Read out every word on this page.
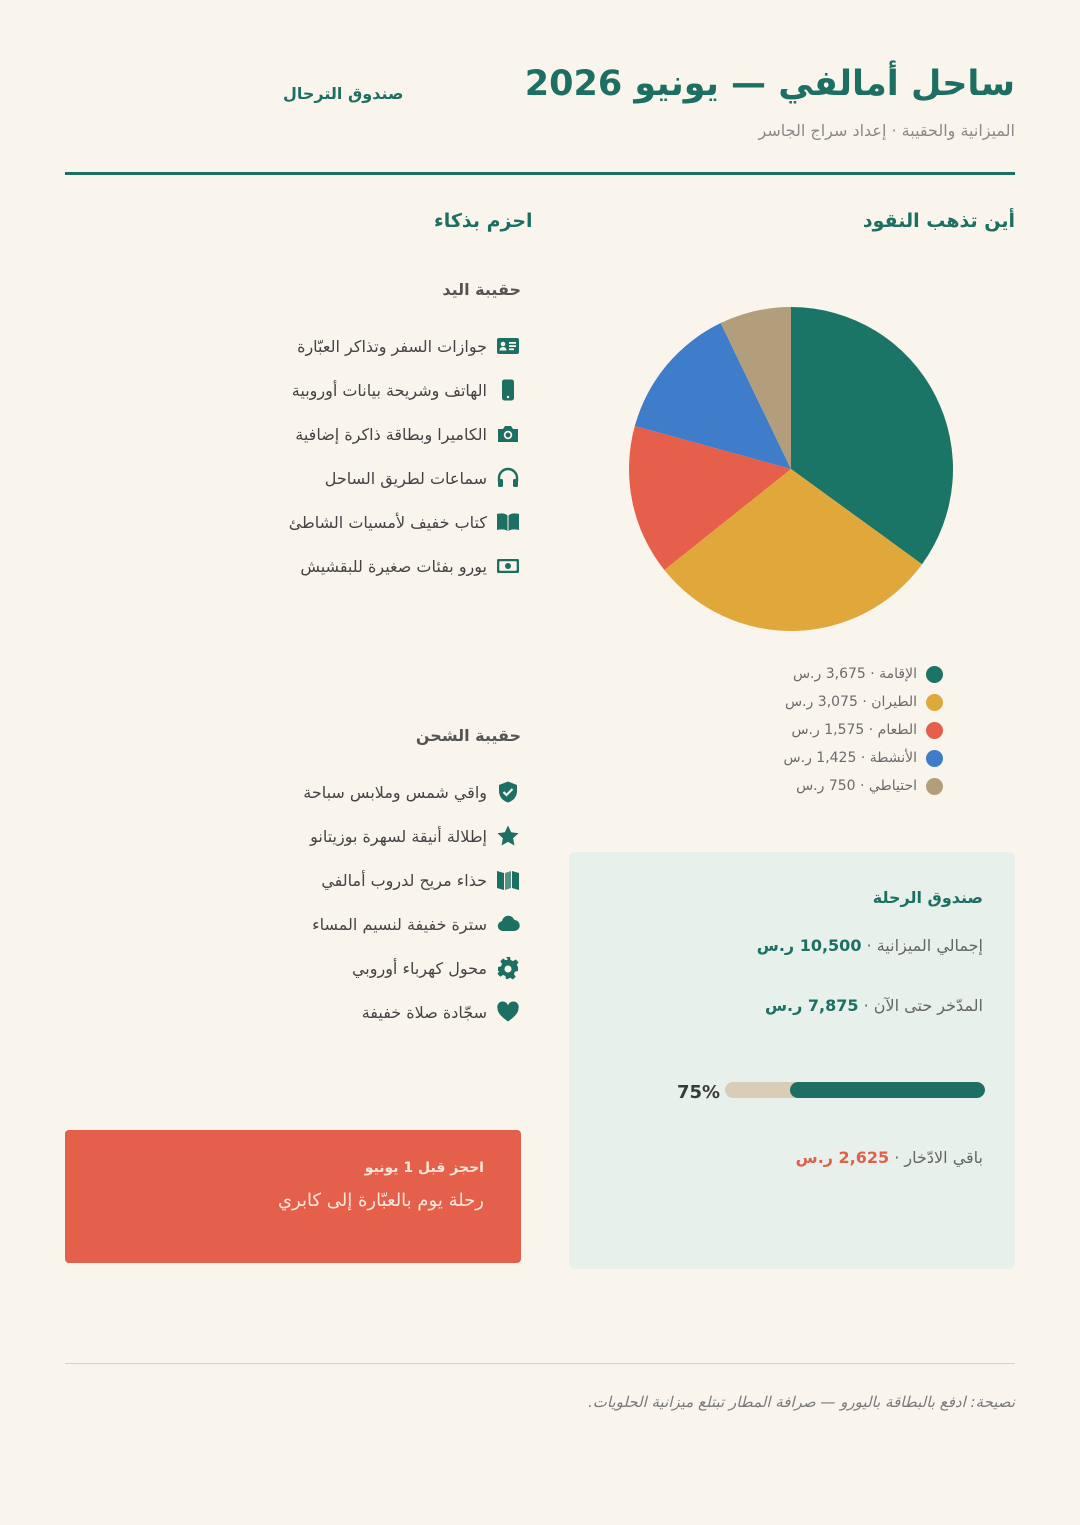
ساحل أمالفي — يونيو 2026
الميزانية والحقيبة · إعداد سراج الجاسر
صندوق الترحال
أين تذهب النقود
الإقامة · 3,675 ر.س
الطيران · 3,075 ر.س
الطعام · 1,575 ر.س
الأنشطة · 1,425 ر.س
احتياطي · 750 ر.س
احزم بذكاء
حقيبة اليد
جوازات السفر وتذاكر العبّارة
الهاتف وشريحة بيانات أوروبية
الكاميرا وبطاقة ذاكرة إضافية
سماعات لطريق الساحل
كتاب خفيف لأمسيات الشاطئ
يورو بفئات صغيرة للبقشيش
حقيبة الشحن
واقي شمس وملابس سباحة
إطلالة أنيقة لسهرة بوزيتانو
حذاء مريح لدروب أمالفي
سترة خفيفة لنسيم المساء
محول كهرباء أوروبي
سجّادة صلاة خفيفة
صندوق الرحلة
إجمالي الميزانية · 10,500 ر.س
المدّخر حتى الآن · 7,875 ر.س
75%
باقي الادّخار · 2,625 ر.س
احجز قبل 1 يونيو
رحلة يوم بالعبّارة إلى كابري
نصيحة: ادفع بالبطاقة باليورو — صرافة المطار تبتلع ميزانية الحلويات.
